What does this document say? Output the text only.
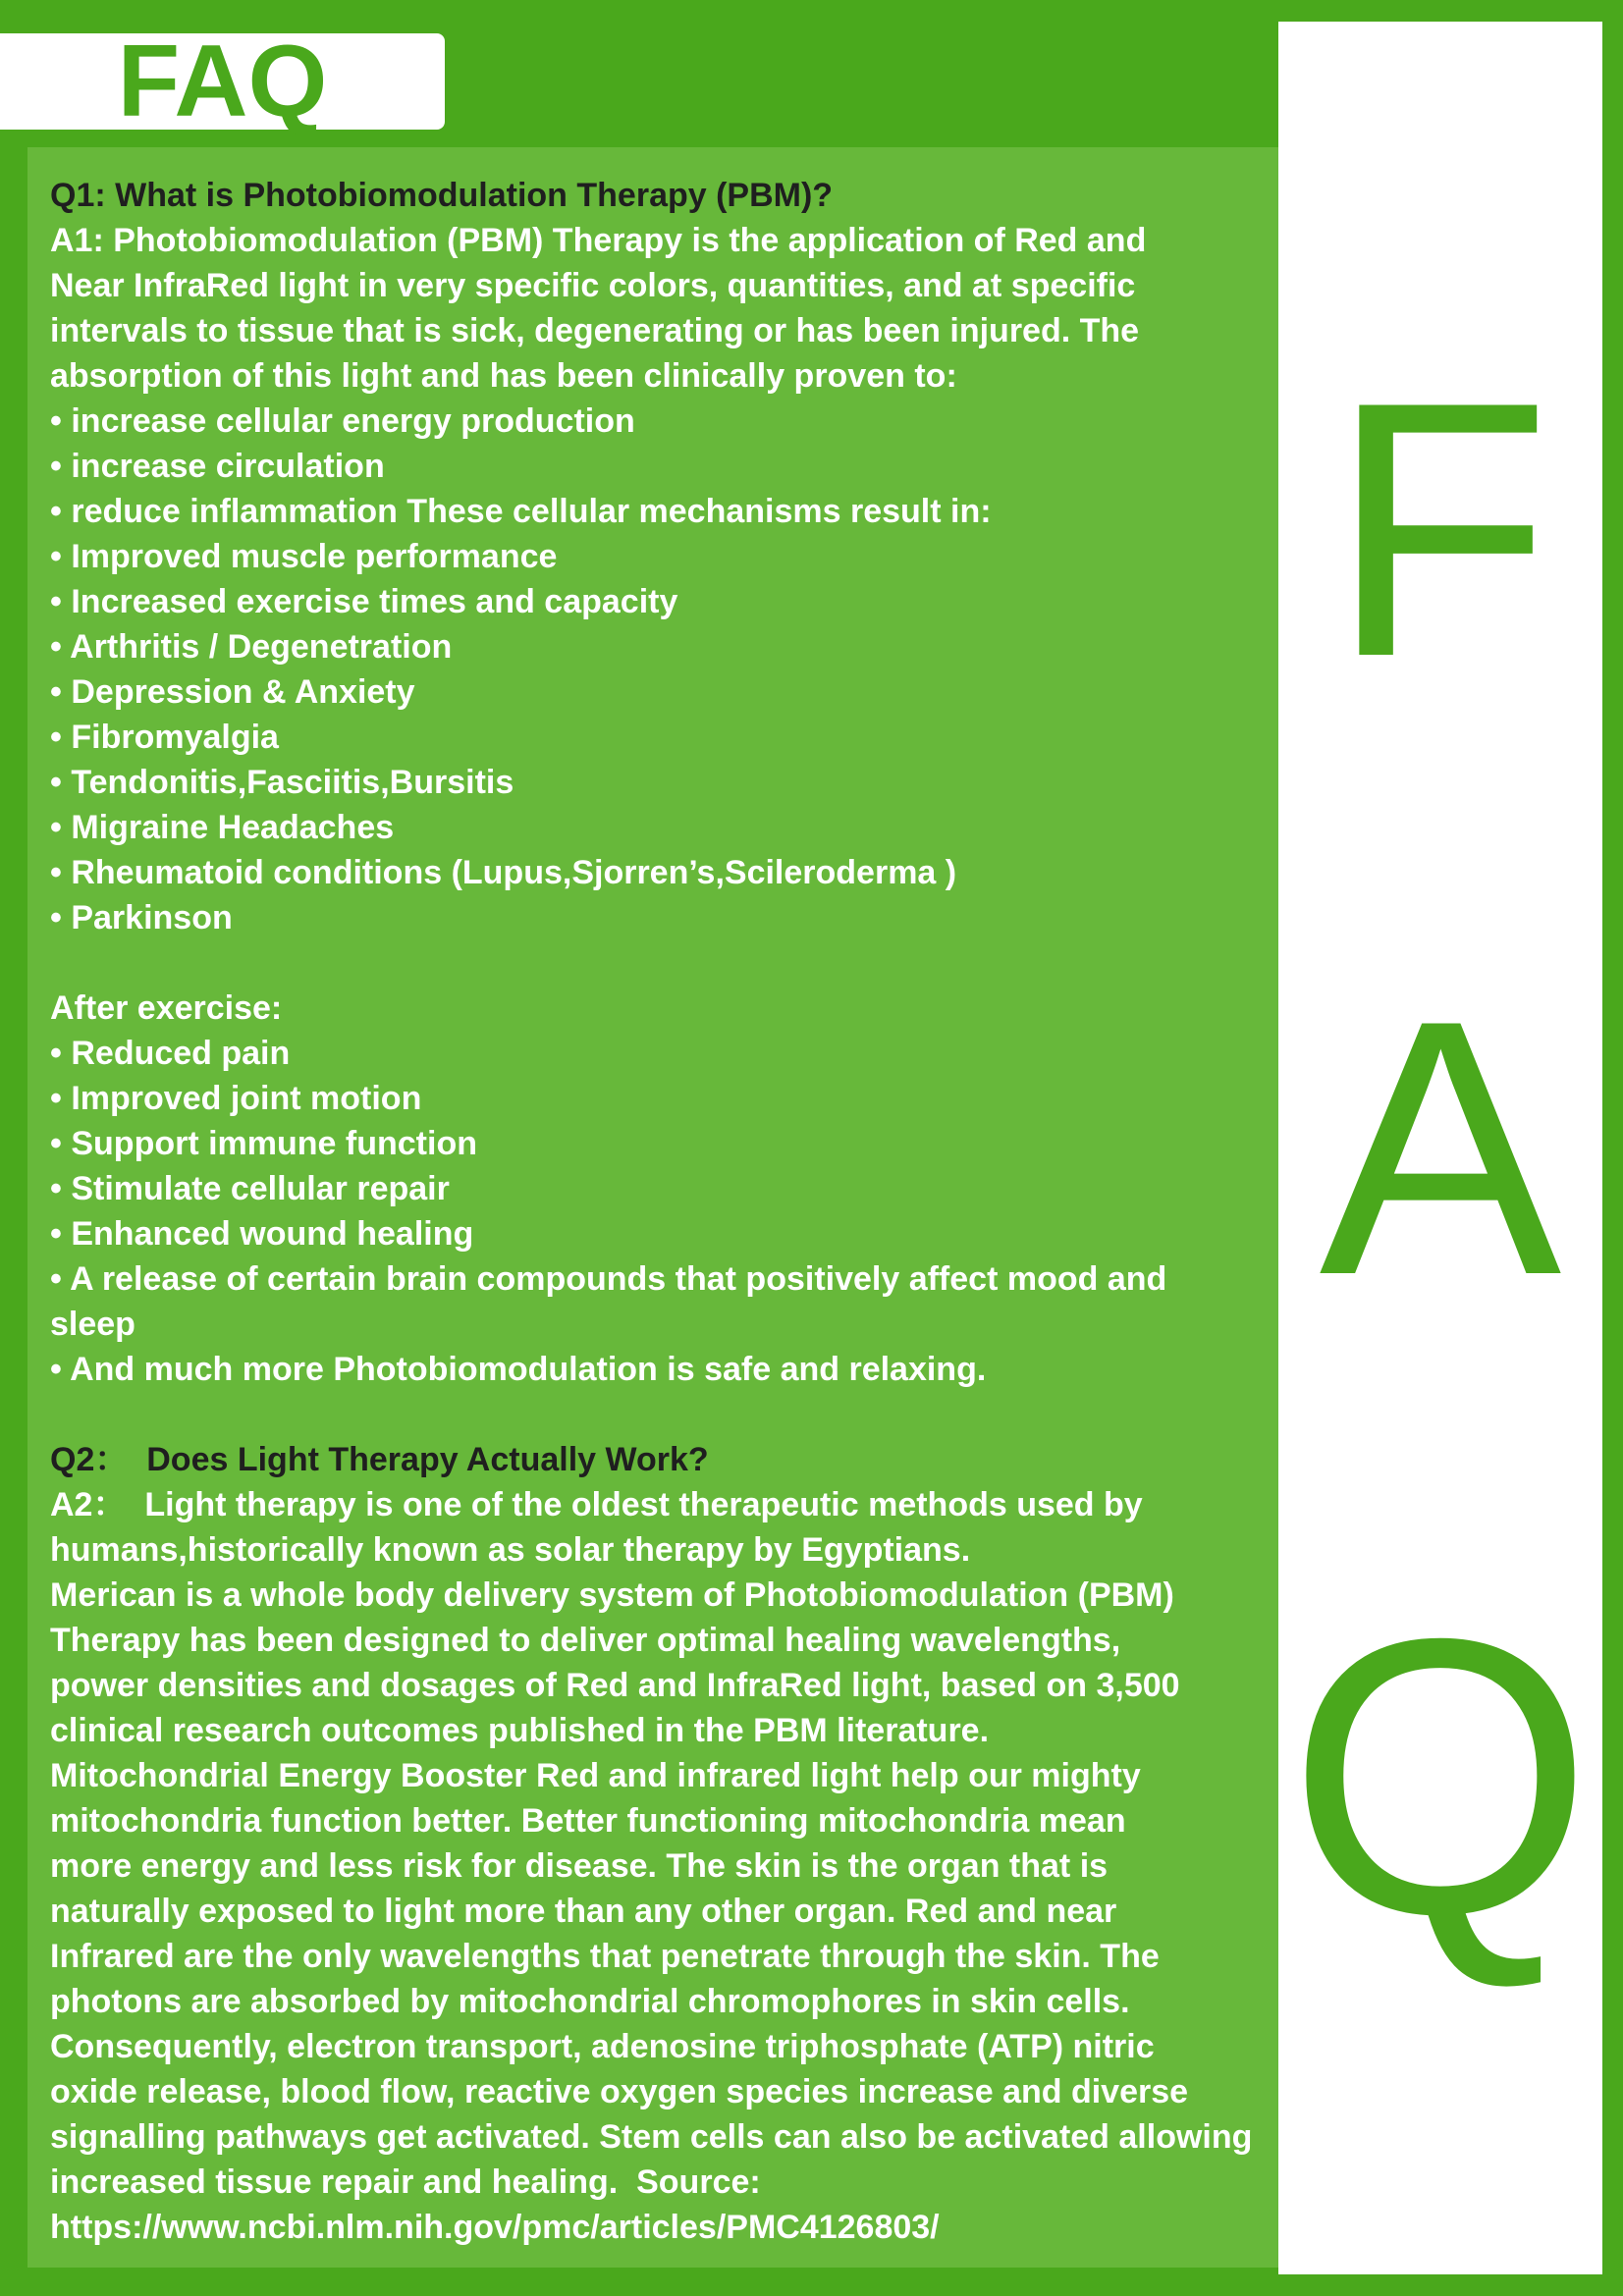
FAQ
F
A
Q
Q1: What is Photobiomodulation Therapy (PBM)?
A1: Photobiomodulation (PBM) Therapy is the application of Red and
Near InfraRed light in very specific colors, quantities, and at specific
intervals to tissue that is sick, degenerating or has been injured. The
absorption of this light and has been clinically proven to:
• increase cellular energy production
• increase circulation
• reduce inflammation These cellular mechanisms result in:
• Improved muscle performance
• Increased exercise times and capacity
• Arthritis / Degenetration
• Depression & Anxiety
• Fibromyalgia
• Tendonitis,Fasciitis,Bursitis
• Migraine Headaches
• Rheumatoid conditions (Lupus,Sjorren’s,Scileroderma )
• Parkinson
After exercise:
• Reduced pain
• Improved joint motion
• Support immune function
• Stimulate cellular repair
• Enhanced wound healing
• A release of certain brain compounds that positively affect mood and
sleep
• And much more Photobiomodulation is safe and relaxing.
Q2：  Does Light Therapy Actually Work?
A2：  Light therapy is one of the oldest therapeutic methods used by
humans,historically known as solar therapy by Egyptians.
Merican is a whole body delivery system of Photobiomodulation (PBM)
Therapy has been designed to deliver optimal healing wavelengths,
power densities and dosages of Red and InfraRed light, based on 3,500
clinical research outcomes published in the PBM literature.
Mitochondrial Energy Booster Red and infrared light help our mighty
mitochondria function better. Better functioning mitochondria mean
more energy and less risk for disease. The skin is the organ that is
naturally exposed to light more than any other organ. Red and near
Infrared are the only wavelengths that penetrate through the skin. The
photons are absorbed by mitochondrial chromophores in skin cells.
Consequently, electron transport, adenosine triphosphate (ATP) nitric
oxide release, blood flow, reactive oxygen species increase and diverse
signalling pathways get activated. Stem cells can also be activated allowing
increased tissue repair and healing.  Source:
https://www.ncbi.nlm.nih.gov/pmc/articles/PMC4126803/
